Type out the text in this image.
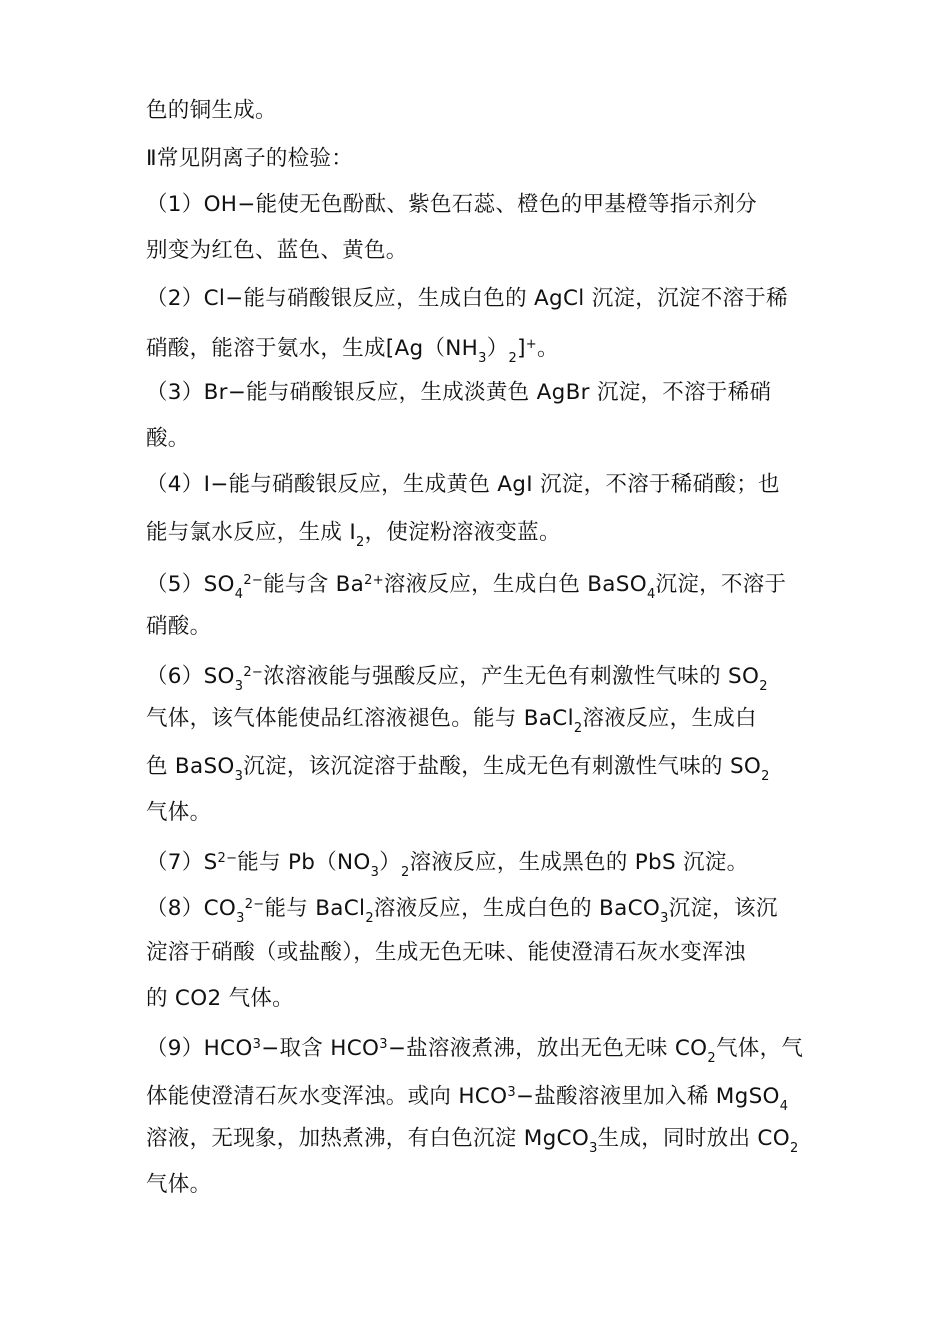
色的铜生成。
Ⅱ常见阴离子的检验：
（1）OH−能使无色酚酞、紫色石蕊、橙色的甲基橙等指示剂分
别变为红色、蓝色、黄色。
（2）Cl−能与硝酸银反应，生成白色的 AgCl 沉淀，沉淀不溶于稀
硝酸，能溶于氨水，生成$[Ag(NH_3)_2]^+$。
（3）Br−能与硝酸银反应，生成淡黄色 AgBr 沉淀，不溶于稀硝
酸。
（4）I−能与硝酸银反应，生成黄色 AgI 沉淀，不溶于稀硝酸；也
能与氯水反应，生成 $I_2$，使淀粉溶液变蓝。
$(5)SO_4^{2-}$能与含 $Ba^{2+}$溶液反应，生成白色 BaSO$_4$沉淀，不溶于
硝酸。
$(6)SO_3^{2-}$浓溶液能与强酸反应，产生无色有刺激性气味的 $SO_2$
气体，该气体能使品红溶液褪色。能与 BaCl$_2$溶液反应，生成白
色 BaSO$_3$沉淀，该沉淀溶于盐酸，生成无色有刺激性气味的 $SO_2$
气体。
$(7)S^{2-}$能与 $Pb(NO_3)_2$溶液反应，生成黑色的 PbS 沉淀。
$(8)CO_3^{2-}$能与 BaCl$_2$溶液反应，生成白色的 BaCO$_3$沉淀，该沉
淀溶于硝酸（或盐酸），生成无色无味、能使澄清石灰水变浑浊
的 CO2 气体。
$(9)HCO^3-$取含 $HCO^3-$盐溶液煮沸，放出无色无味 $CO_2$气体，气
体能使澄清石灰水变浑浊。或向 $HCO^3-$盐酸溶液里加入稀 MgSO$_4$
溶液，无现象，加热煮沸，有白色沉淀 MgCO$_3$生成，同时放出 $CO_2$
气体。
